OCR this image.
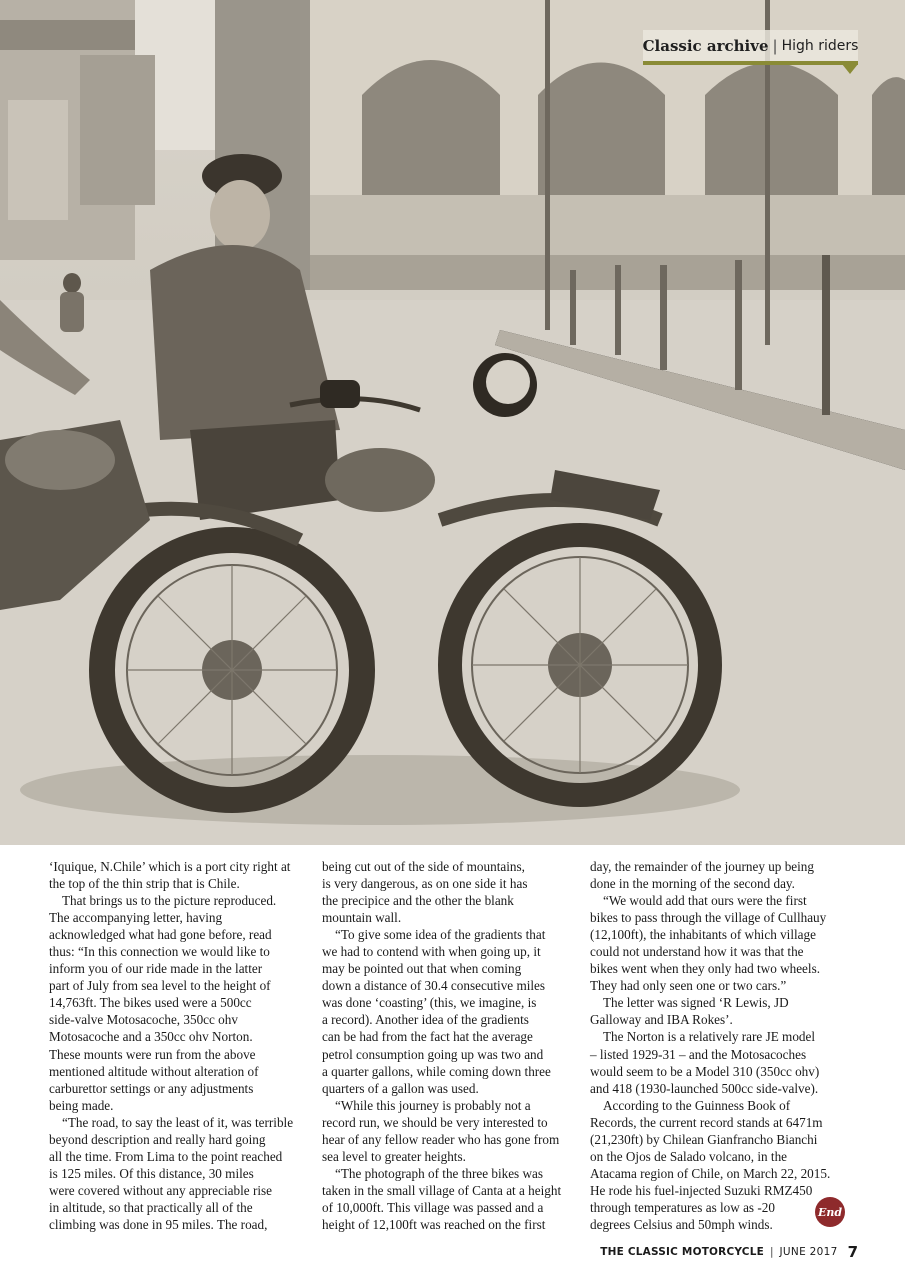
Classic archive | High riders
‘Iquique, N.Chile’ which is a port city right at
the top of the thin strip that is Chile.
That brings us to the picture reproduced.
The accompanying letter, having
acknowledged what had gone before, read
thus: “In this connection we would like to
inform you of our ride made in the latter
part of July from sea level to the height of
14,763ft. The bikes used were a 500cc
side-valve Motosacoche, 350cc ohv
Motosacoche and a 350cc ohv Norton.
These mounts were run from the above
mentioned altitude without alteration of
carburettor settings or any adjustments
being made.
“The road, to say the least of it, was terrible
beyond description and really hard going
all the time. From Lima to the point reached
is 125 miles. Of this distance, 30 miles
were covered without any appreciable rise
in altitude, so that practically all of the
climbing was done in 95 miles. The road,
being cut out of the side of mountains,
is very dangerous, as on one side it has
the precipice and the other the blank
mountain wall.
“To give some idea of the gradients that
we had to contend with when going up, it
may be pointed out that when coming
down a distance of 30.4 consecutive miles
was done ‘coasting’ (this, we imagine, is
a record). Another idea of the gradients
can be had from the fact hat the average
petrol consumption going up was two and
a quarter gallons, while coming down three
quarters of a gallon was used.
“While this journey is probably not a
record run, we should be very interested to
hear of any fellow reader who has gone from
sea level to greater heights.
“The photograph of the three bikes was
taken in the small village of Canta at a height
of 10,000ft. This village was passed and a
height of 12,100ft was reached on the first
day, the remainder of the journey up being
done in the morning of the second day.
“We would add that ours were the first
bikes to pass through the village of Cullhauy
(12,100ft), the inhabitants of which village
could not understand how it was that the
bikes went when they only had two wheels.
They had only seen one or two cars.”
The letter was signed ‘R Lewis, JD
Galloway and IBA Rokes’.
The Norton is a relatively rare JE model
– listed 1929-31 – and the Motosacoches
would seem to be a Model 310 (350cc ohv)
and 418 (1930-launched 500cc side-valve).
According to the Guinness Book of
Records, the current record stands at 6471m
(21,230ft) by Chilean Gianfrancho Bianchi
on the Ojos de Salado volcano, in the
Atacama region of Chile, on March 22, 2015.
He rode his fuel-injected Suzuki RMZ450
through temperatures as low as -20
degrees Celsius and 50mph winds.
End
THE CLASSIC MOTORCYCLE | JUNE 2017 7
